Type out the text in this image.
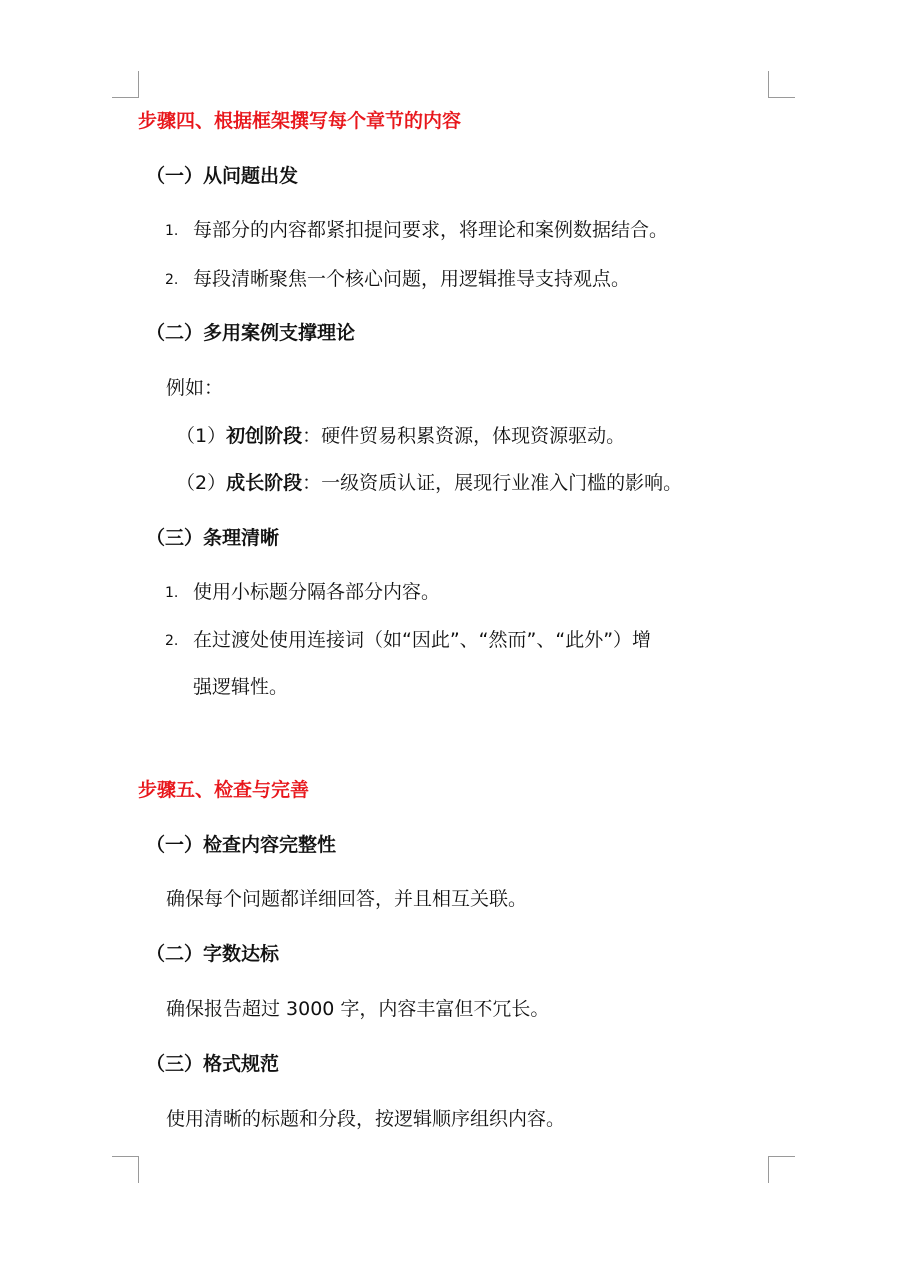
步骤四、根据框架撰写每个章节的内容
（一）从问题出发
1. 每部分的内容都紧扣提问要求，将理论和案例数据结合。
2. 每段清晰聚焦一个核心问题，用逻辑推导支持观点。
（二）多用案例支撑理论
例如：
（1）初创阶段：硬件贸易积累资源，体现资源驱动。
（2）成长阶段：一级资质认证，展现行业准入门槛的影响。
（三）条理清晰
1. 使用小标题分隔各部分内容。
2. 在过渡处使用连接词（如“因此”、“然而”、“此外”）增
强逻辑性。
步骤五、检查与完善
（一）检查内容完整性
确保每个问题都详细回答，并且相互关联。
（二）字数达标
确保报告超过 3000 字，内容丰富但不冗长。
（三）格式规范
使用清晰的标题和分段，按逻辑顺序组织内容。
